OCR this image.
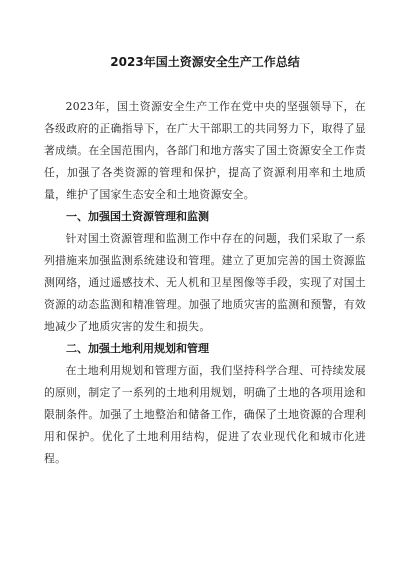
2023年国土资源安全生产工作总结

2023年，国土资源安全生产工作在党中央的坚强领导下，在各级政府的正确指导下，在广大干部职工的共同努力下，取得了显著成绩。在全国范围内，各部门和地方落实了国土资源安全工作责任，加强了各类资源的管理和保护，提高了资源利用率和土地质量，维护了国家生态安全和土地资源安全。

一、加强国土资源管理和监测

针对国土资源管理和监测工作中存在的问题，我们采取了一系列措施来加强监测系统建设和管理。建立了更加完善的国土资源监测网络，通过遥感技术、无人机和卫星图像等手段，实现了对国土资源的动态监测和精准管理。加强了地质灾害的监测和预警，有效地减少了地质灾害的发生和损失。

二、加强土地利用规划和管理

在土地利用规划和管理方面，我们坚持科学合理、可持续发展的原则，制定了一系列的土地利用规划，明确了土地的各项用途和限制条件。加强了土地整治和储备工作，确保了土地资源的合理利用和保护。优化了土地利用结构，促进了农业现代化和城市化进程。
